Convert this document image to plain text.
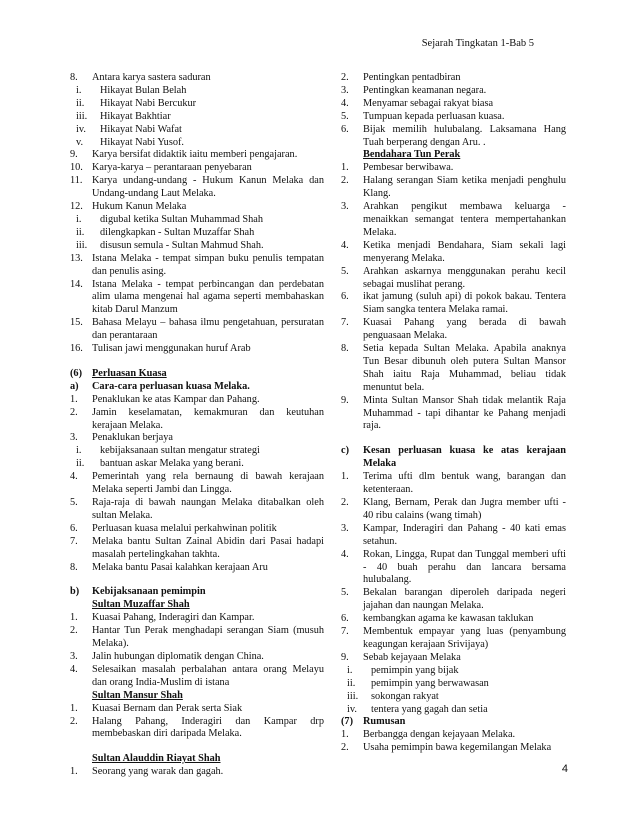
Sejarah Tingkatan 1-Bab 5
8.	Antara karya sastera saduran
i.	Hikayat Bulan Belah
ii.	Hikayat Nabi Bercukur
iii.	Hikayat Bakhtiar
iv.	Hikayat Nabi Wafat
v.	Hikayat Nabi Yusof.
9.	Karya bersifat didaktik iaitu memberi pengajaran.
10. Karya-karya – perantaraan penyebaran
11. Karya undang-undang - Hukum Kanun Melaka dan Undang-undang Laut Melaka.
12. Hukum Kanun Melaka
i.	digubal ketika Sultan Muhammad Shah
ii.	dilengkapkan - Sultan Muzaffar Shah
iii.	disusun semula - Sultan Mahmud Shah.
13. Istana Melaka - tempat simpan buku penulis tempatan dan penulis asing.
14. Istana Melaka - tempat perbincangan dan perdebatan alim ulama mengenai hal agama seperti membahaskan kitab Darul Manzum
15. Bahasa Melayu – bahasa ilmu pengetahuan, persuratan dan perantaraan
16. Tulisan jawi menggunakan huruf Arab
(6) Perluasan Kuasa
a)	Cara-cara perluasan kuasa Melaka.
1.	Penaklukan ke atas Kampar dan Pahang.
2.	Jamin keselamatan, kemakmuran dan keutuhan kerajaan Melaka.
3.	Penaklukan berjaya
i.	kebijaksanaan sultan mengatur strategi
ii.	bantuan askar Melaka yang berani.
4.	Pemerintah yang rela bernaung di bawah kerajaan Melaka seperti Jambi dan Lingga.
5.	Raja-raja di bawah naungan Melaka ditabalkan oleh sultan Melaka.
6.	Perluasan kuasa melalui perkahwinan politik
7.	Melaka bantu Sultan Zainal Abidin dari Pasai hadapi masalah pertelingkahan takhta.
8.	Melaka bantu Pasai kalahkan kerajaan Aru
b)	Kebijaksanaan pemimpin
Sultan Muzaffar Shah
1.	Kuasai Pahang, Inderagiri dan Kampar.
2.	Hantar Tun Perak menghadapi serangan Siam (musuh Melaka).
3.	Jalin hubungan diplomatik dengan China.
4.	Selesaikan masalah perbalahan antara orang Melayu dan orang India-Muslim di istana
Sultan Mansur Shah
1.	Kuasai Bernam dan Perak serta Siak
2.	Halang Pahang, Inderagiri dan Kampar drp membebaskan diri daripada Melaka.
Sultan Alauddin Riayat Shah
1.	Seorang yang warak dan gagah.
2.	Pentingkan pentadbiran
3.	Pentingkan keamanan negara.
4.	Menyamar sebagai rakyat biasa
5.	Tumpuan kepada perluasan kuasa.
6.	Bijak memilih hulubalang. Laksamana Hang Tuah berperang dengan Aru. .
Bendahara Tun Perak
1.	Pembesar berwibawa.
2.	Halang serangan Siam ketika menjadi penghulu Klang.
3.	Arahkan pengikut membawa keluarga - menaikkan semangat tentera mempertahankan Melaka.
4.	Ketika menjadi Bendahara, Siam sekali lagi menyerang Melaka.
5.	Arahkan askarnya menggunakan perahu kecil sebagai muslihat perang.
6.	ikat jamung (suluh api) di pokok bakau. Tentera Siam sangka tentera Melaka ramai.
7.	Kuasai Pahang yang berada di bawah penguasaan Melaka.
8.	Setia kepada Sultan Melaka. Apabila anaknya Tun Besar dibunuh oleh putera Sultan Mansor Shah iaitu Raja Muhammad, beliau tidak menuntut bela.
9.	Minta Sultan Mansor Shah tidak melantik Raja Muhammad - tapi dihantar ke Pahang menjadi raja.
c)	Kesan perluasan kuasa ke atas kerajaan Melaka
1.	Terima ufti dlm bentuk wang, barangan dan ketenteraan.
2.	Klang, Bernam, Perak dan Jugra member ufti - 40 ribu calains (wang timah)
3.	Kampar, Inderagiri dan Pahang - 40 kati emas setahun.
4.	Rokan, Lingga, Rupat dan Tunggal memberi ufti - 40 buah perahu dan lancara bersama hulubalang.
5.	Bekalan barangan diperoleh daripada negeri jajahan dan naungan Melaka.
6.	kembangkan agama ke kawasan taklukan
7.	Membentuk empayar yang luas (penyambung keagungan kerajaan Srivijaya)
9.	Sebab kejayaan Melaka
i.	pemimpin yang bijak
ii.	pemimpin yang berwawasan
iii.	sokongan rakyat
iv.	tentera yang gagah dan setia
(7) Rumusan
1.	Berbangga dengan kejayaan Melaka.
2.	Usaha pemimpin bawa kegemilangan Melaka
4
